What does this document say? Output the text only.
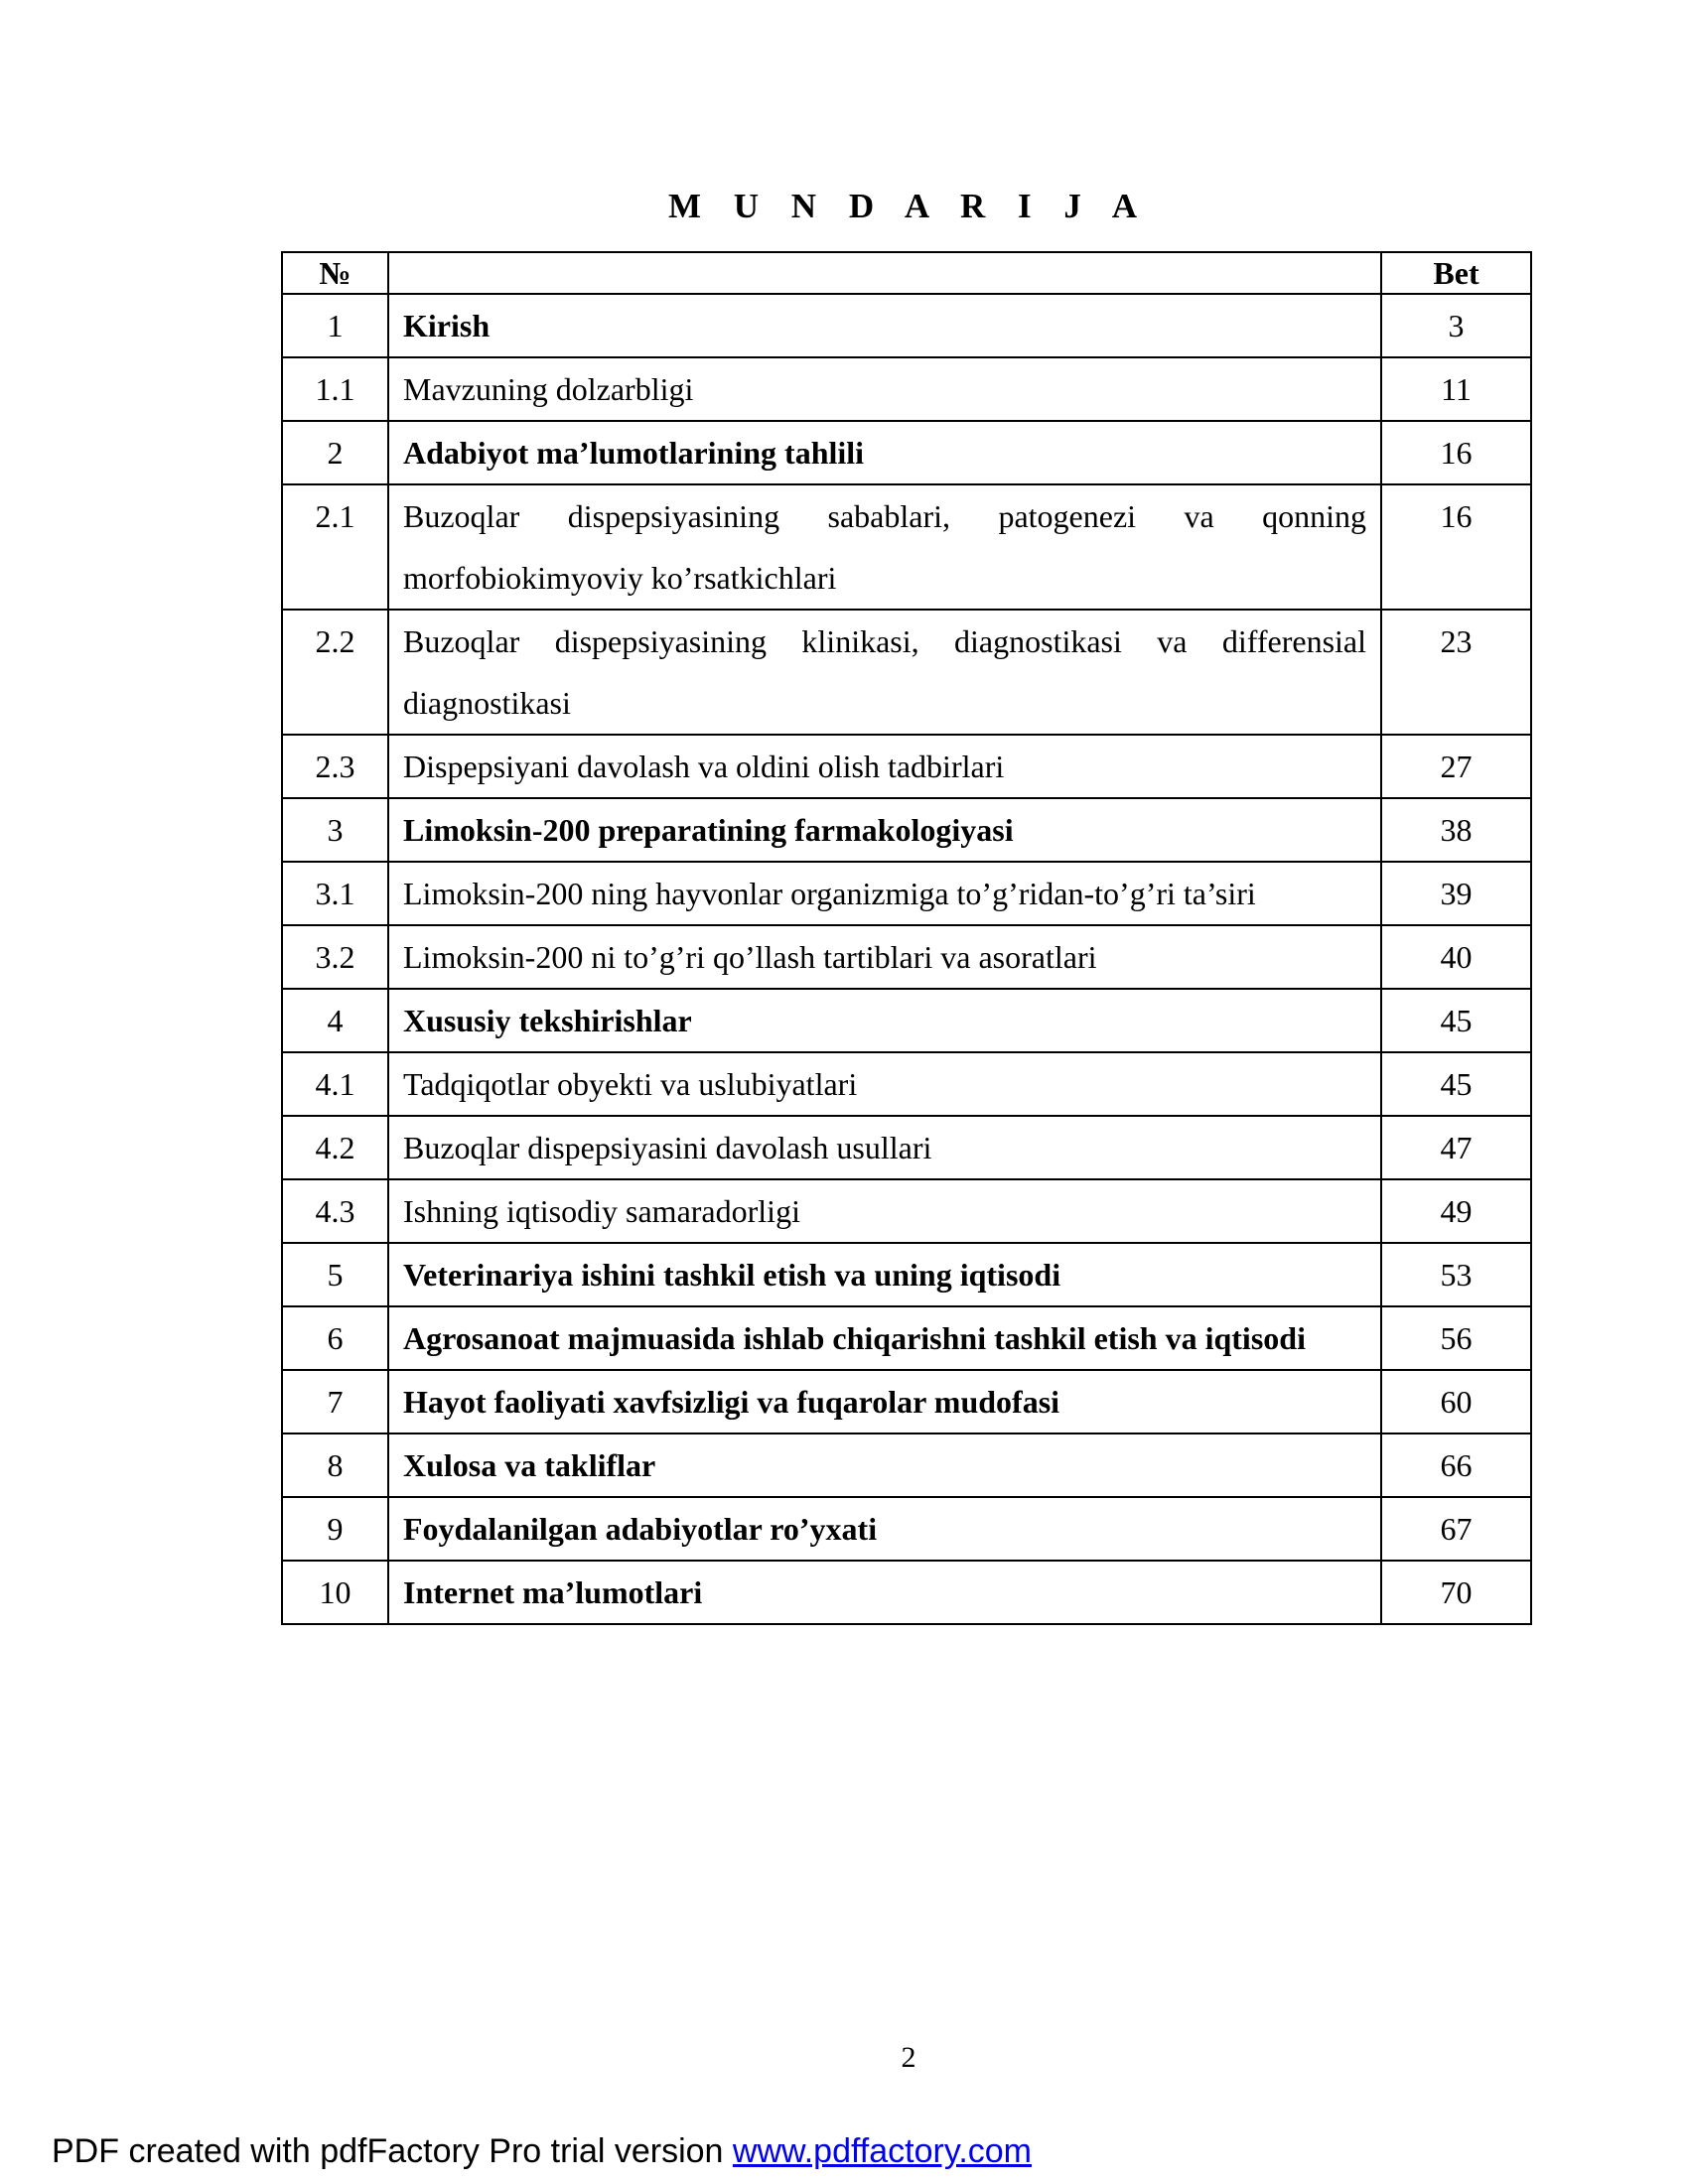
M U N D A R I J A
№		Bet
1	Kirish	3
1.1	Mavzuning dolzarbligi	11
2	Adabiyot ma’lumotlarining tahlili	16
2.1	Buzoqlar dispepsiyasining sabablari, patogenezi va qonning morfobiokimyoviy ko’rsatkichlari	16
2.2	Buzoqlar dispepsiyasining klinikasi, diagnostikasi va differensial diagnostikasi	23
2.3	Dispepsiyani davolash va oldini olish tadbirlari	27
3	Limoksin-200 preparatining farmakologiyasi	38
3.1	Limoksin-200 ning hayvonlar organizmiga to’g’ridan-to’g’ri ta’siri	39
3.2	Limoksin-200 ni to’g’ri qo’llash tartiblari va asoratlari	40
4	Xususiy tekshirishlar	45
4.1	Tadqiqotlar obyekti va uslubiyatlari	45
4.2	Buzoqlar dispepsiyasini davolash usullari	47
4.3	Ishning iqtisodiy samaradorligi	49
5	Veterinariya ishini tashkil etish va uning iqtisodi	53
6	Agrosanoat majmuasida ishlab chiqarishni tashkil etish va iqtisodi	56
7	Hayot faoliyati xavfsizligi va fuqarolar mudofasi	60
8	Xulosa va takliflar	66
9	Foydalanilgan adabiyotlar ro’yxati	67
10	Internet ma’lumotlari	70
2
PDF created with pdfFactory Pro trial version www.pdffactory.com
